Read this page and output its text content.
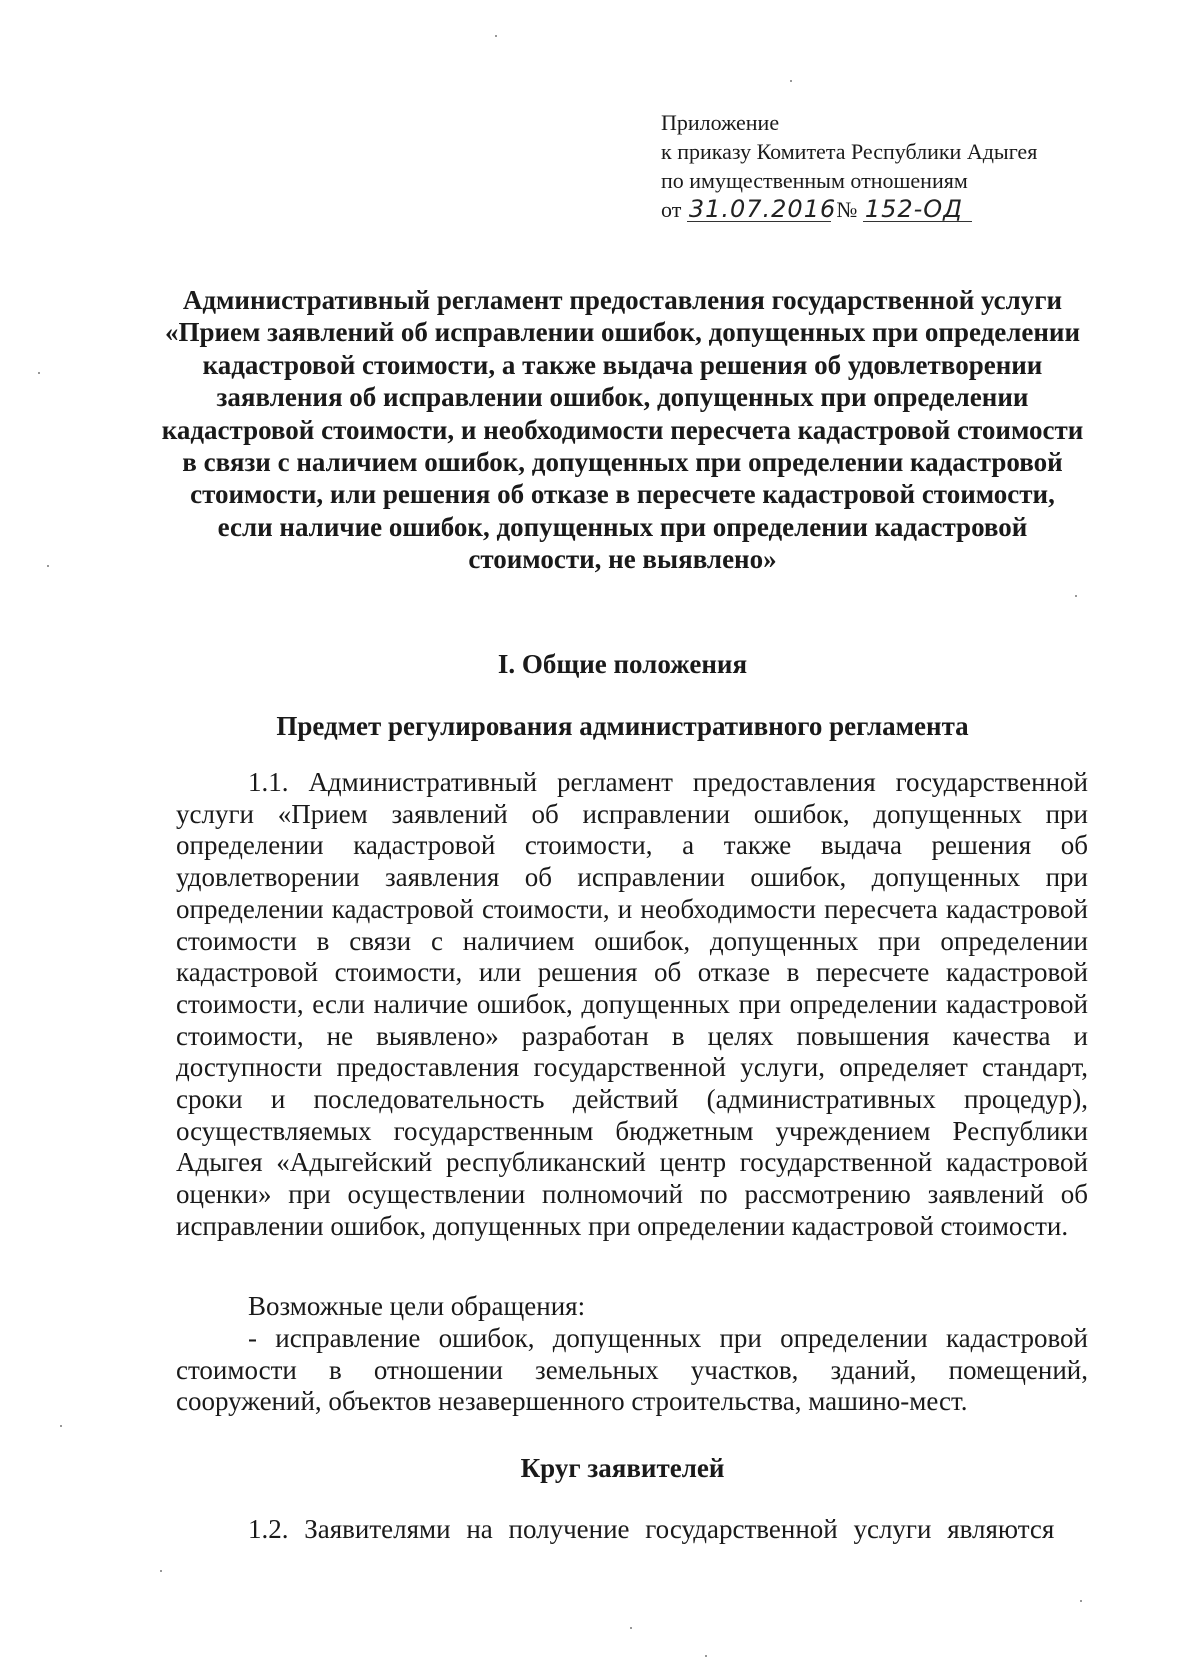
Приложение
к приказу Комитета Республики Адыгея
по имущественным отношениям
от 31.07.2016 № 152-ОД
Административный регламент предоставления государственной услуги «Прием заявлений об исправлении ошибок, допущенных при определении кадастровой стоимости, а также выдача решения об удовлетворении заявления об исправлении ошибок, допущенных при определении кадастровой стоимости, и необходимости пересчета кадастровой стоимости в связи с наличием ошибок, допущенных при определении кадастровой стоимости, или решения об отказе в пересчете кадастровой стоимости, если наличие ошибок, допущенных при определении кадастровой стоимости, не выявлено»
I. Общие положения
Предмет регулирования административного регламента
1.1. Административный регламент предоставления государственной услуги «Прием заявлений об исправлении ошибок, допущенных при определении кадастровой стоимости, а также выдача решения об удовлетворении заявления об исправлении ошибок, допущенных при определении кадастровой стоимости, и необходимости пересчета кадастровой стоимости в связи с наличием ошибок, допущенных при определении кадастровой стоимости, или решения об отказе в пересчете кадастровой стоимости, если наличие ошибок, допущенных при определении кадастровой стоимости, не выявлено» разработан в целях повышения качества и доступности предоставления государственной услуги, определяет стандарт, сроки и последовательность действий (административных процедур), осуществляемых государственным бюджетным учреждением Республики Адыгея «Адыгейский республиканский центр государственной кадастровой оценки» при осуществлении полномочий по рассмотрению заявлений об исправлении ошибок, допущенных при определении кадастровой стоимости.
Возможные цели обращения:
- исправление ошибок, допущенных при определении кадастровой стоимости в отношении земельных участков, зданий, помещений, сооружений, объектов незавершенного строительства, машино-мест.
Круг заявителей
1.2. Заявителями на получение государственной услуги являются
